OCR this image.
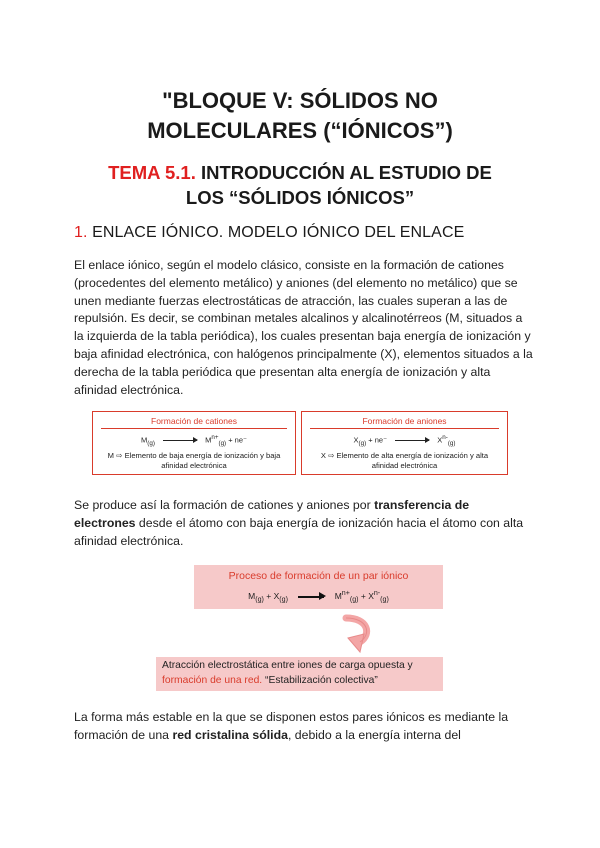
"BLOQUE V: SÓLIDOS NO
MOLECULARES (“IÓNICOS”)
TEMA 5.1. INTRODUCCIÓN AL ESTUDIO DE
LOS “SÓLIDOS IÓNICOS”
1. ENLACE IÓNICO. MODELO IÓNICO DEL ENLACE
El enlace iónico, según el modelo clásico, consiste en la formación de cationes (procedentes del elemento metálico) y aniones (del elemento no metálico) que se unen mediante fuerzas electrostáticas de atracción, las cuales superan a las de repulsión. Es decir, se combinan metales alcalinos y alcalinotérreos (M, situados a la izquierda de la tabla periódica), los cuales presentan baja energía de ionización y baja afinidad electrónica, con halógenos principalmente (X), elementos situados a la derecha de la tabla periódica que presentan alta energía de ionización y alta afinidad electrónica.
Formación de cationes
$M_{(g)}$	$M^{n+}_{(g)} + ne^-$
M ⇨ Elemento de baja energía de ionización y baja afinidad electrónica
Formación de aniones
$X_{(g)} + ne^-$	$X^{n-}_{(g)}$
X ⇨ Elemento de alta energía de ionización y alta afinidad electrónica
Se produce así la formación de cationes y aniones por transferencia de electrones desde el átomo con baja energía de ionización hacia el átomo con alta afinidad electrónica.
Proceso de formación de un par iónico
$M_{(g)} + X_{(g)}$	$M^{n+}_{(g)} + X^{n-}_{(g)}$
Atracción electrostática entre iones de carga opuesta y
formación de una red. “Estabilización colectiva”
La forma más estable en la que se disponen estos pares iónicos es mediante la formación de una red cristalina sólida, debido a la energía interna del
